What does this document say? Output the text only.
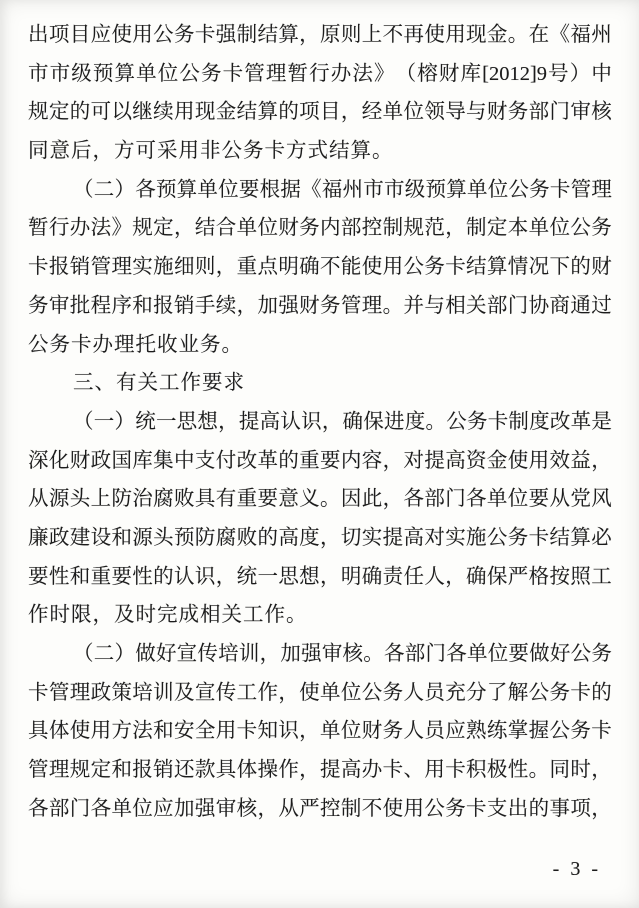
出 项 目 应 使 用 公 务 卡 强 制 结 算 ， 原 则 上 不 再 使 用 现 金 。 在 《 福 州
市 市 级 预 算 单 位 公 务 卡 管 理 暂 行 办 法 》 （ 榕 财 库 [2012]9 号 ） 中
规 定 的 可 以 继 续 用 现 金 结 算 的 项 目 ， 经 单 位 领 导 与 财 务 部 门 审 核
同意后，方可采用非公务卡方式结算。
（ 二 ） 各 预 算 单 位 要 根 据 《 福 州 市 市 级 预 算 单 位 公 务 卡 管 理
暂 行 办 法 》 规 定 ， 结 合 单 位 财 务 内 部 控 制 规 范 ， 制 定 本 单 位 公 务
卡 报 销 管 理 实 施 细 则 ， 重 点 明 确 不 能 使 用 公 务 卡 结 算 情 况 下 的 财
务 审 批 程 序 和 报 销 手 续 ， 加 强 财 务 管 理 。 并 与 相 关 部 门 协 商 通 过
公务卡办理托收业务。
三、有关工作要求
（ 一 ） 统 一 思 想 ， 提 高 认 识 ， 确 保 进 度 。 公 务 卡 制 度 改 革 是
深 化 财 政 国 库 集 中 支 付 改 革 的 重 要 内 容 ， 对 提 高 资 金 使 用 效 益 ，
从 源 头 上 防 治 腐 败 具 有 重 要 意 义 。 因 此 ， 各 部 门 各 单 位 要 从 党 风
廉 政 建 设 和 源 头 预 防 腐 败 的 高 度 ， 切 实 提 高 对 实 施 公 务 卡 结 算 必
要 性 和 重 要 性 的 认 识 ， 统 一 思 想 ， 明 确 责 任 人 ， 确 保 严 格 按 照 工
作时限，及时完成相关工作。
（ 二 ） 做 好 宣 传 培 训 ， 加 强 审 核 。 各 部 门 各 单 位 要 做 好 公 务
卡 管 理 政 策 培 训 及 宣 传 工 作 ， 使 单 位 公 务 人 员 充 分 了 解 公 务 卡 的
具 体 使 用 方 法 和 安 全 用 卡 知 识 ， 单 位 财 务 人 员 应 熟 练 掌 握 公 务 卡
管 理 规 定 和 报 销 还 款 具 体 操 作 ， 提 高 办 卡 、 用 卡 积 极 性 。 同 时 ，
各 部 门 各 单 位 应 加 强 审 核 ， 从 严 控 制 不 使 用 公 务 卡 支 出 的 事 项 ，
- 3 -
